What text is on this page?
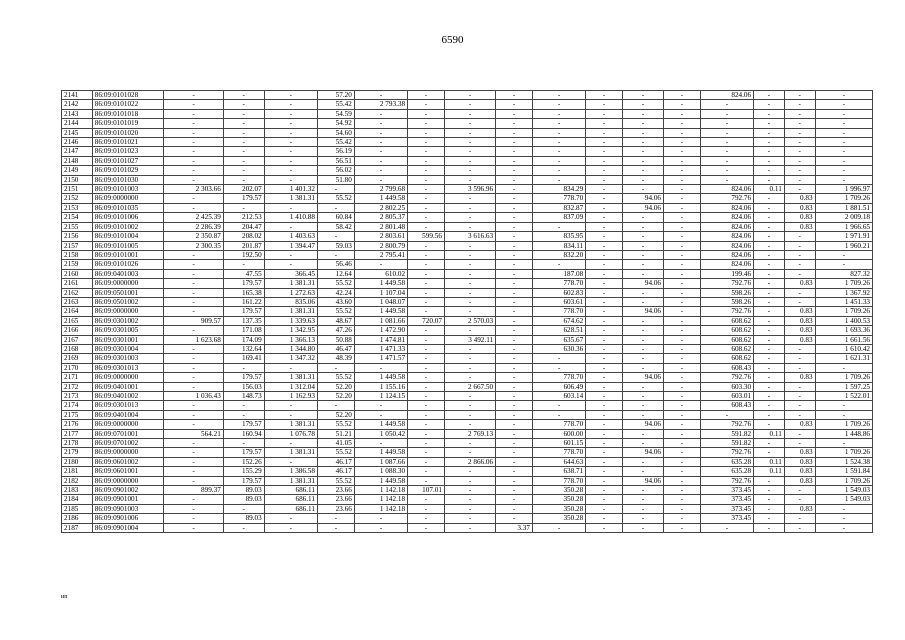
6590
2141	86:09:0101028	-	-	-	57.20	-	-	-	-	-	-	-	-	824.06	-	-	-
2142	86:09:0101022	-	-	-	55.42	2 793.38	-	-	-	-	-	-	-	-	-	-	-
2143	86:09:0101018	-	-	-	54.59	-	-	-	-	-	-	-	-	-	-	-	-
2144	86:09:0101019	-	-	-	54.92	-	-	-	-	-	-	-	-	-	-	-	-
2145	86:09:0101020	-	-	-	54.60	-	-	-	-	-	-	-	-	-	-	-	-
2146	86:09:0101021	-	-	-	55.42	-	-	-	-	-	-	-	-	-	-	-	-
2147	86:09:0101023	-	-	-	56.19	-	-	-	-	-	-	-	-	-	-	-	-
2148	86:09:0101027	-	-	-	56.51	-	-	-	-	-	-	-	-	-	-	-	-
2149	86:09:0101029	-	-	-	56.02	-	-	-	-	-	-	-	-	-	-	-	-
2150	86:09:0101030	-	-	-	51.80	-	-	-	-	-	-	-	-	-	-	-	-
2151	86:09:0101003	2 303.66	202.07	1 401.32	-	2 799.68	-	3 596.96	-	834.29	-	-	-	824.06	0.11	-	1 996.97
2152	86:09:0000000	-	179.57	1 381.31	55.52	1 449.58	-	-	-	778.70	-	94.06	-	792.76	-	0.83	1 709.26
2153	86:09:0101035	-	-	-	-	2 802.25	-	-	-	832.87	-	94.06	-	824.06	-	0.83	1 881.51
2154	86:09:0101006	2 425.39	212.53	1 410.88	60.84	2 805.37	-	-	-	837.09	-	-	-	824.06	-	0.83	2 009.18
2155	86:09:0101002	2 286.39	204.47	-	58.42	2 801.48	-	-	-	-	-	-	-	824.06	-	0.83	1 966.65
2156	86:09:0101004	2 350.87	208.02	1 403.63	-	2 803.61	599.56	3 616.63	-	835.95	-	-	-	824.06	-	-	1 971.91
2157	86:09:0101005	2 300.35	201.87	1 394.47	59.03	2 800.79	-	-	-	834.11	-	-	-	824.06	-	-	1 960.21
2158	86:09:0101001	-	192.50	-	-	2 795.41	-	-	-	832.20	-	-	-	824.06	-	-	-
2159	86:09:0101026	-	-	-	56.46	-	-	-	-	-	-	-	-	824.06	-	-	-
2160	86:09:0401003	-	47.55	366.45	12.64	610.02	-	-	-	187.08	-	-	-	199.46	-	-	827.32
2161	86:09:0000000	-	179.57	1 381.31	55.52	1 449.58	-	-	-	778.70	-	94.06	-	792.76	-	0.83	1 709.26
2162	86:09:0501001	-	165.38	1 272.63	42.24	1 107.04	-	-	-	602.83	-	-	-	598.26	-	-	1 367.92
2163	86:09:0501002	-	161.22	835.06	43.60	1 048.07	-	-	-	603.61	-	-	-	598.26	-	-	1 451.33
2164	86:09:0000000	-	179.57	1 381.31	55.52	1 449.58	-	-	-	778.70	-	94.06	-	792.76	-	0.83	1 709.26
2165	86:09:0301002	909.57	137.35	1 339.63	48.67	1 081.66	720.07	2 570.03	-	674.62	-	-	-	608.62	-	0.83	1 400.53
2166	86:09:0301005	-	171.08	1 342.95	47.26	1 472.90	-	-	-	628.51	-	-	-	608.62	-	0.83	1 693.36
2167	86:09:0301001	1 623.68	174.09	1 366.13	50.88	1 474.81	-	3 492.11	-	635.67	-	-	-	608.62	-	0.83	1 661.56
2168	86:09:0301004	-	132.64	1 344.80	46.47	1 471.33	-	-	-	630.36	-	-	-	608.62	-	-	1 610.42
2169	86:09:0301003	-	169.41	1 347.32	48.39	1 471.57	-	-	-	-	-	-	-	608.62	-	-	1 621.31
2170	86:09:0301013	-	-	-	-	-	-	-	-	-	-	-	-	608.43	-	-	-
2171	86:09:0000000	-	179.57	1 381.31	55.52	1 449.58	-	-	-	778.70	-	94.06	-	792.76	-	0.83	1 709.26
2172	86:09:0401001	-	156.03	1 312.04	52.20	1 155.16	-	2 667.50	-	606.49	-	-	-	603.30	-	-	1 597.25
2173	86:09:0401002	1 036.43	148.73	1 162.93	52.20	1 124.15	-	-	-	603.14	-	-	-	603.01	-	-	1 522.01
2174	86:09:0301013	-	-	-	-	-	-	-	-	-	-	-	-	608.43	-	-	-
2175	86:09:0401004	-	-	-	52.20	-	-	-	-	-	-	-	-	-	-	-	-
2176	86:09:0000000	-	179.57	1 381.31	55.52	1 449.58	-	-	-	778.70	-	94.06	-	792.76	-	0.83	1 709.26
2177	86:09:0701001	564.21	160.94	1 076.78	51.21	1 050.42	-	2 769.13	-	600.00	-	-	-	591.82	0.11	-	1 448.86
2178	86:09:0701002	-	-	-	41.05	-	-	-	-	601.15	-	-	-	591.82	-	-	-
2179	86:09:0000000	-	179.57	1 381.31	55.52	1 449.58	-	-	-	778.70	-	94.06	-	792.76	-	0.83	1 709.26
2180	86:09:0601002	-	152.26	-	46.17	1 087.66	-	2 866.06	-	644.63	-	-	-	635.28	0.11	0.83	1 524.38
2181	86:09:0601001	-	155.29	1 386.58	46.17	1 088.30	-	-	-	638.71	-	-	-	635.28	0.11	0.83	1 591.84
2182	86:09:0000000	-	179.57	1 381.31	55.52	1 449.58	-	-	-	778.70	-	94.06	-	792.76	-	0.83	1 709.26
2183	86:09:0901002	899.37	89.03	686.11	23.66	1 142.18	107.01	-	-	350.28	-	-	-	373.45	-	-	1 549.03
2184	86:09:0901001	-	89.03	686.11	23.66	1 142.18	-	-	-	350.28	-	-	-	373.45	-	-	1 549.03
2185	86:09:0901003	-	-	686.11	23.66	1 142.18	-	-	-	350.28	-	-	-	373.45	-	0.83	-
2186	86:09:0901006	-	89.03	-	-	-	-	-	-	350.28	-	-	-	373.45	-	-	-
2187	86:09:0901004	-	-	-	-	-	-	-	3.37	-	-	-	-	-	-	-	-
ип
